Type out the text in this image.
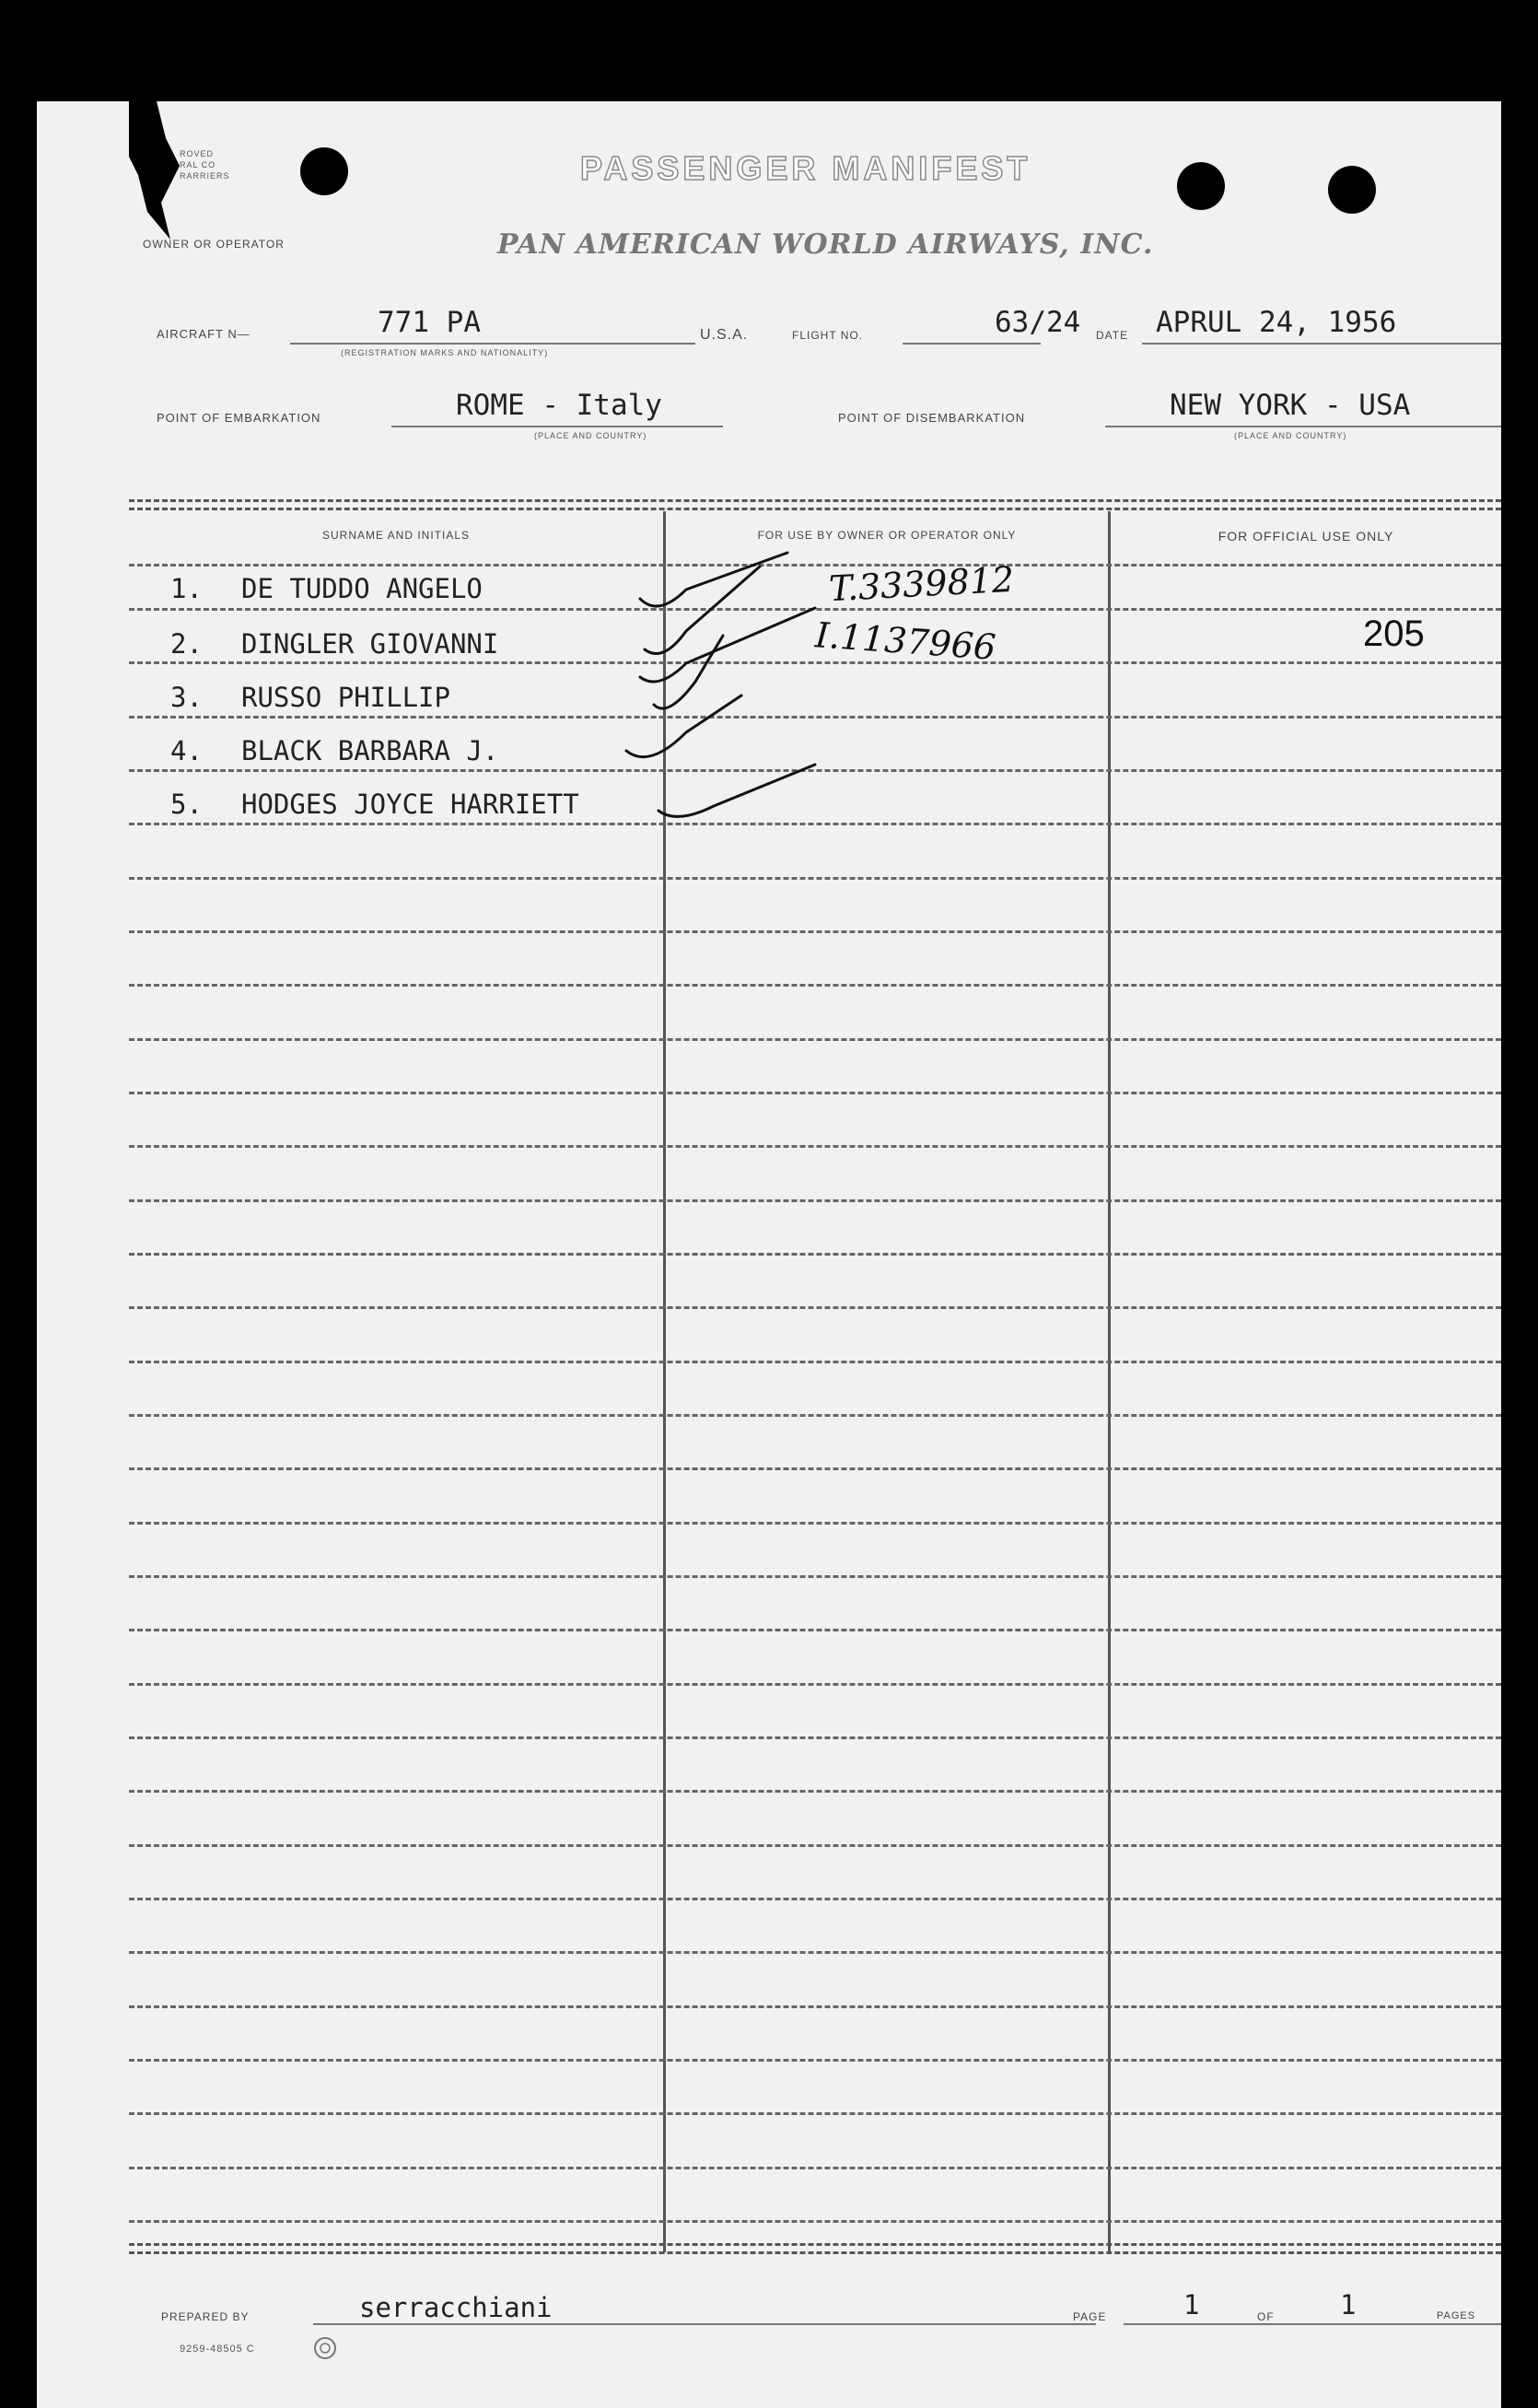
ROVED
RAL CO
RARRIERS	PASSENGER MANIFEST
OWNER OR OPERATOR	PAN AMERICAN WORLD AIRWAYS, INC.
AIRCRAFT N—	771 PA
(REGISTRATION MARKS AND NATIONALITY)
U.S.A.	FLIGHT NO.	63/24 DATE APRUL 24, 1956
POINT OF EMBARKATION	ROME - Italy
(PLACE AND COUNTRY)
POINT OF DISEMBARKATION	NEW YORK - USA
(PLACE AND COUNTRY)
SURNAME AND INITIALS	FOR USE BY OWNER OR OPERATOR ONLY	FOR OFFICIAL USE ONLY
1. DE TUDDO ANGELO	T.3339812
2. DINGLER GIOVANNI	I.1137966	205
3. RUSSO PHILLIP
4. BLACK BARBARA J.
5. HODGES JOYCE HARRIETT
PREPARED BY	serracchiani	PAGE	1	OF 1	PAGES
9259-48505 C
